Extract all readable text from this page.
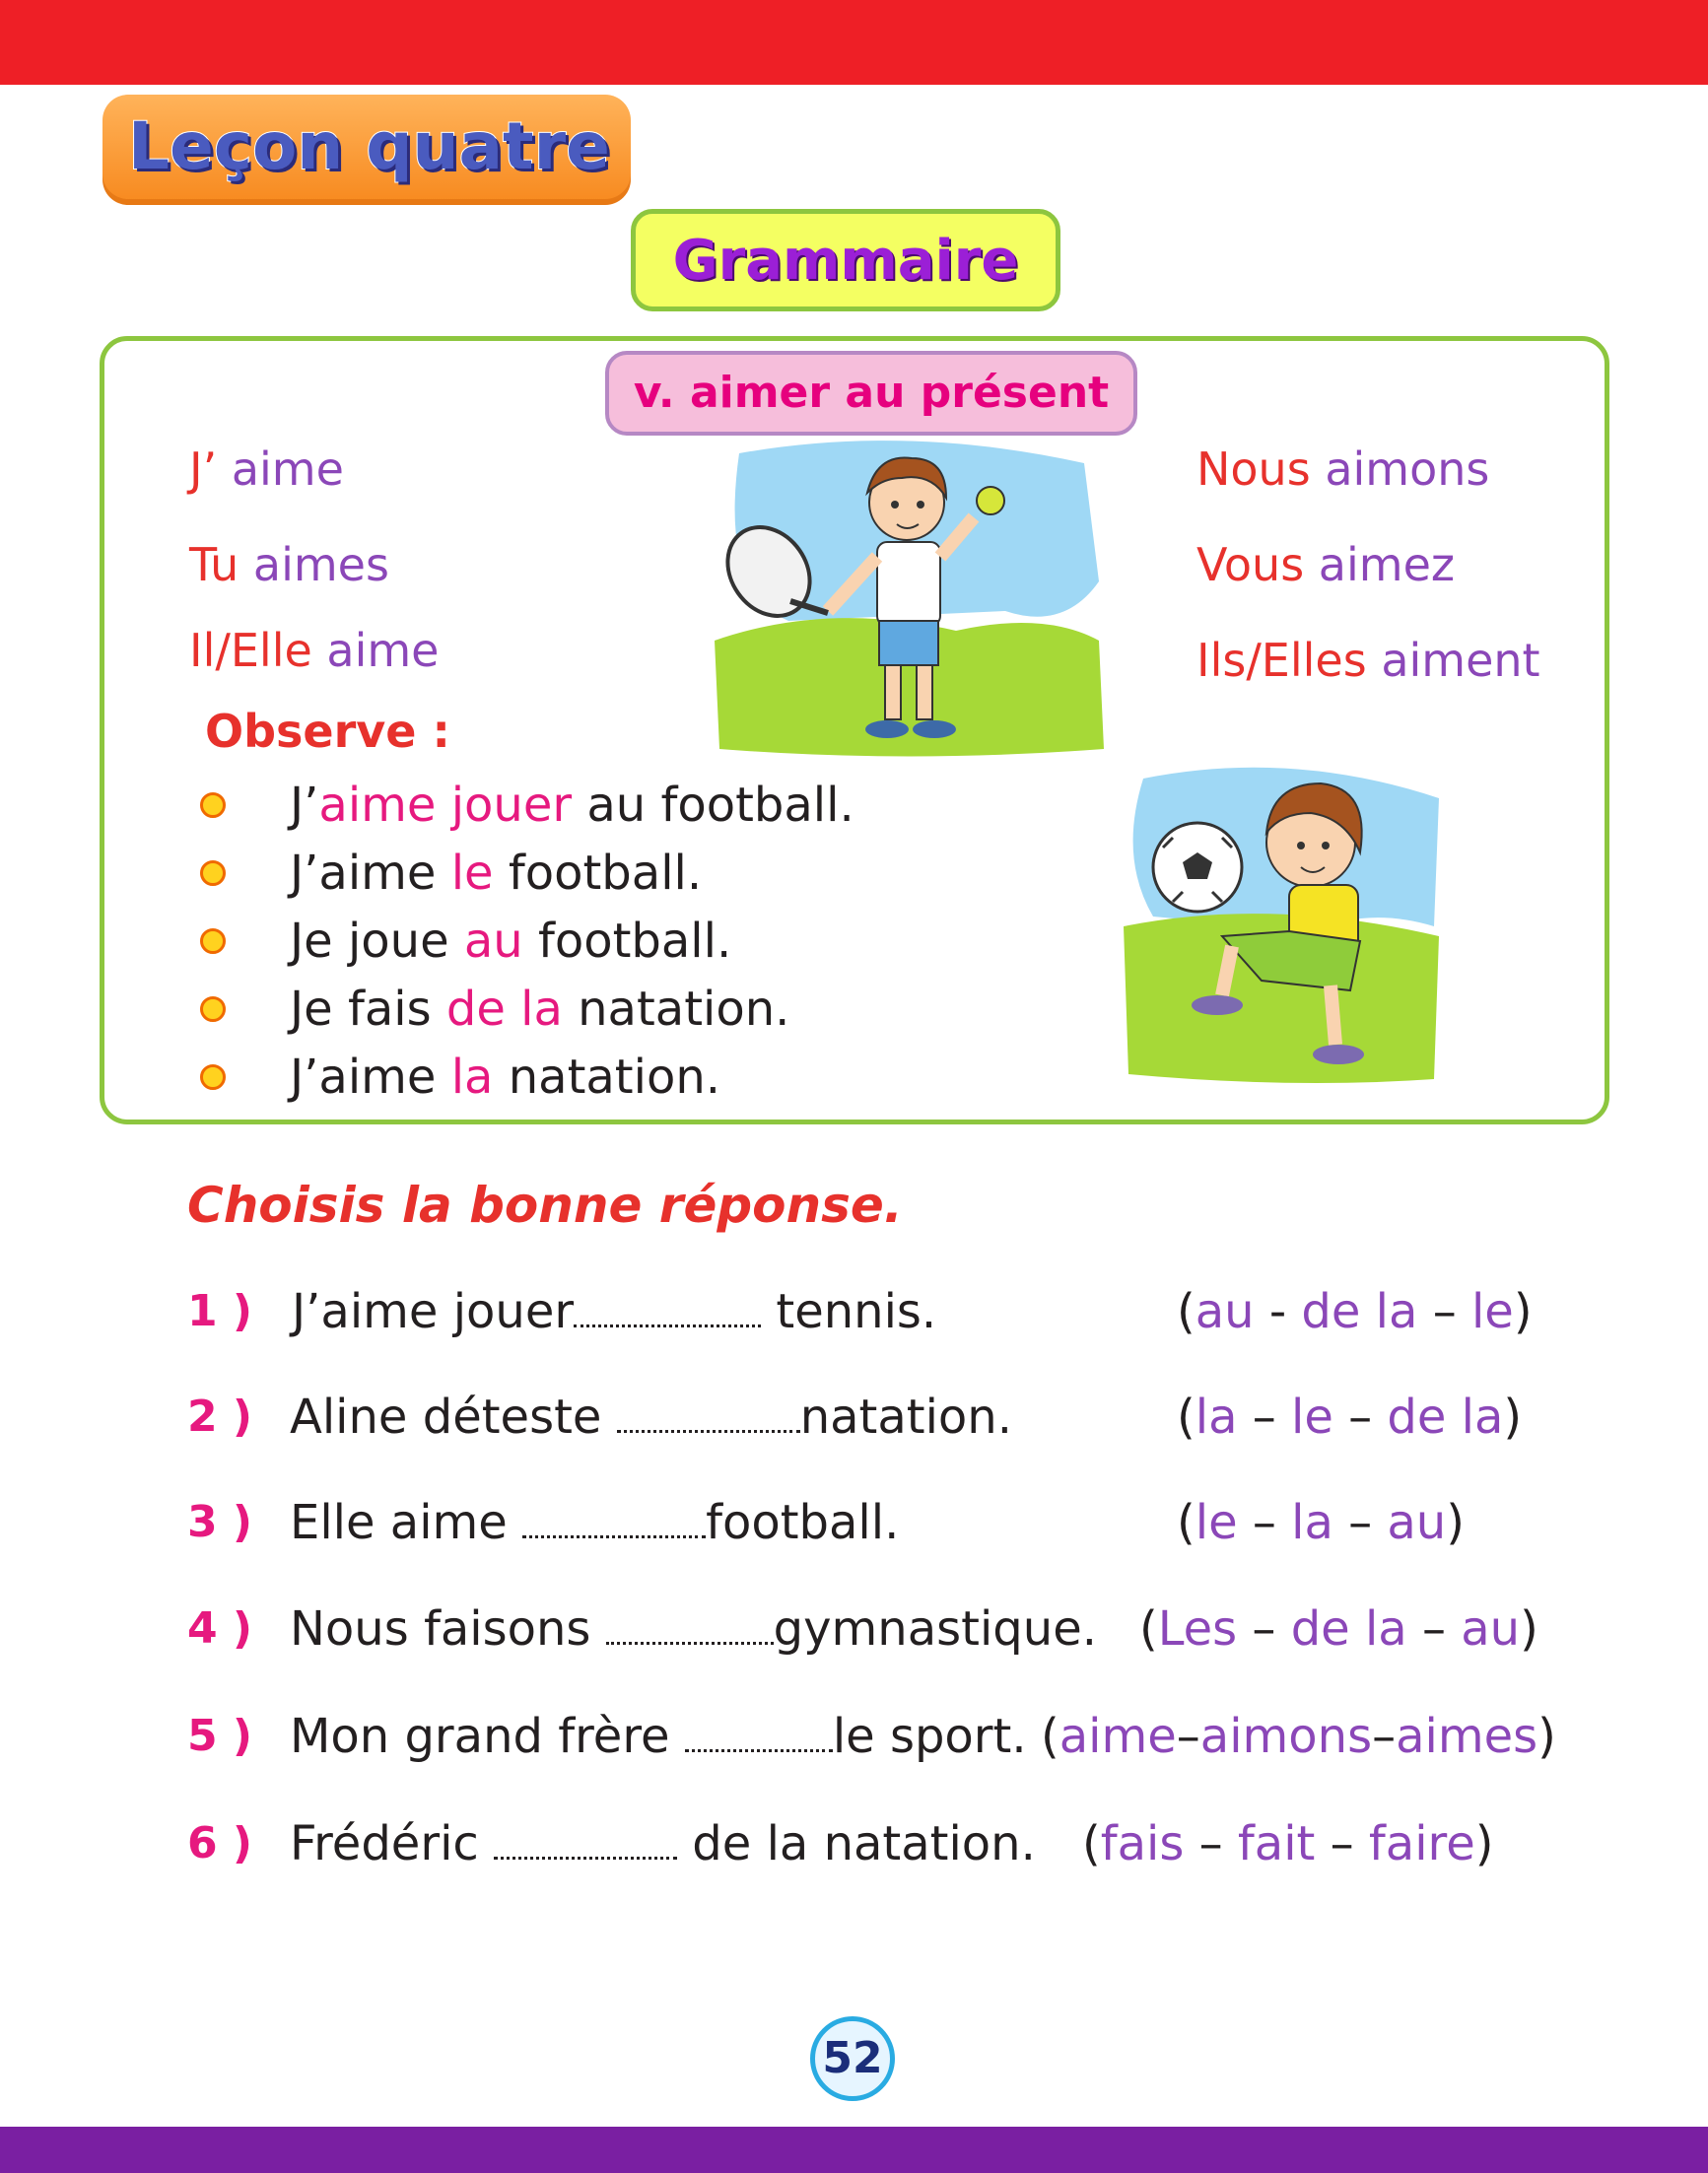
Leçon quatre
Grammaire
v. aimer au présent
J’ aime
Tu aimes
Il/Elle aime
Nous aimons
Vous aimez
Ils/Elles aiment
Observe :
J’aime jouer au football.
J’aime le football.
Je joue au football.
Je fais de la natation.
J’aime la natation.
Choisis la bonne réponse.
1 ) J’aime jouer	tennis.	(au - de la – le)
2 ) Aline déteste	natation.	(la – le – de la)
3 ) Elle aime	football.	(le – la – au)
4 ) Nous faisons	gymnastique. (Les – de la – au)
5 ) Mon grand frère	le sport. (aime–aimons–aimes)
6 ) Frédéric	de la natation. (fais – fait – faire)
52
